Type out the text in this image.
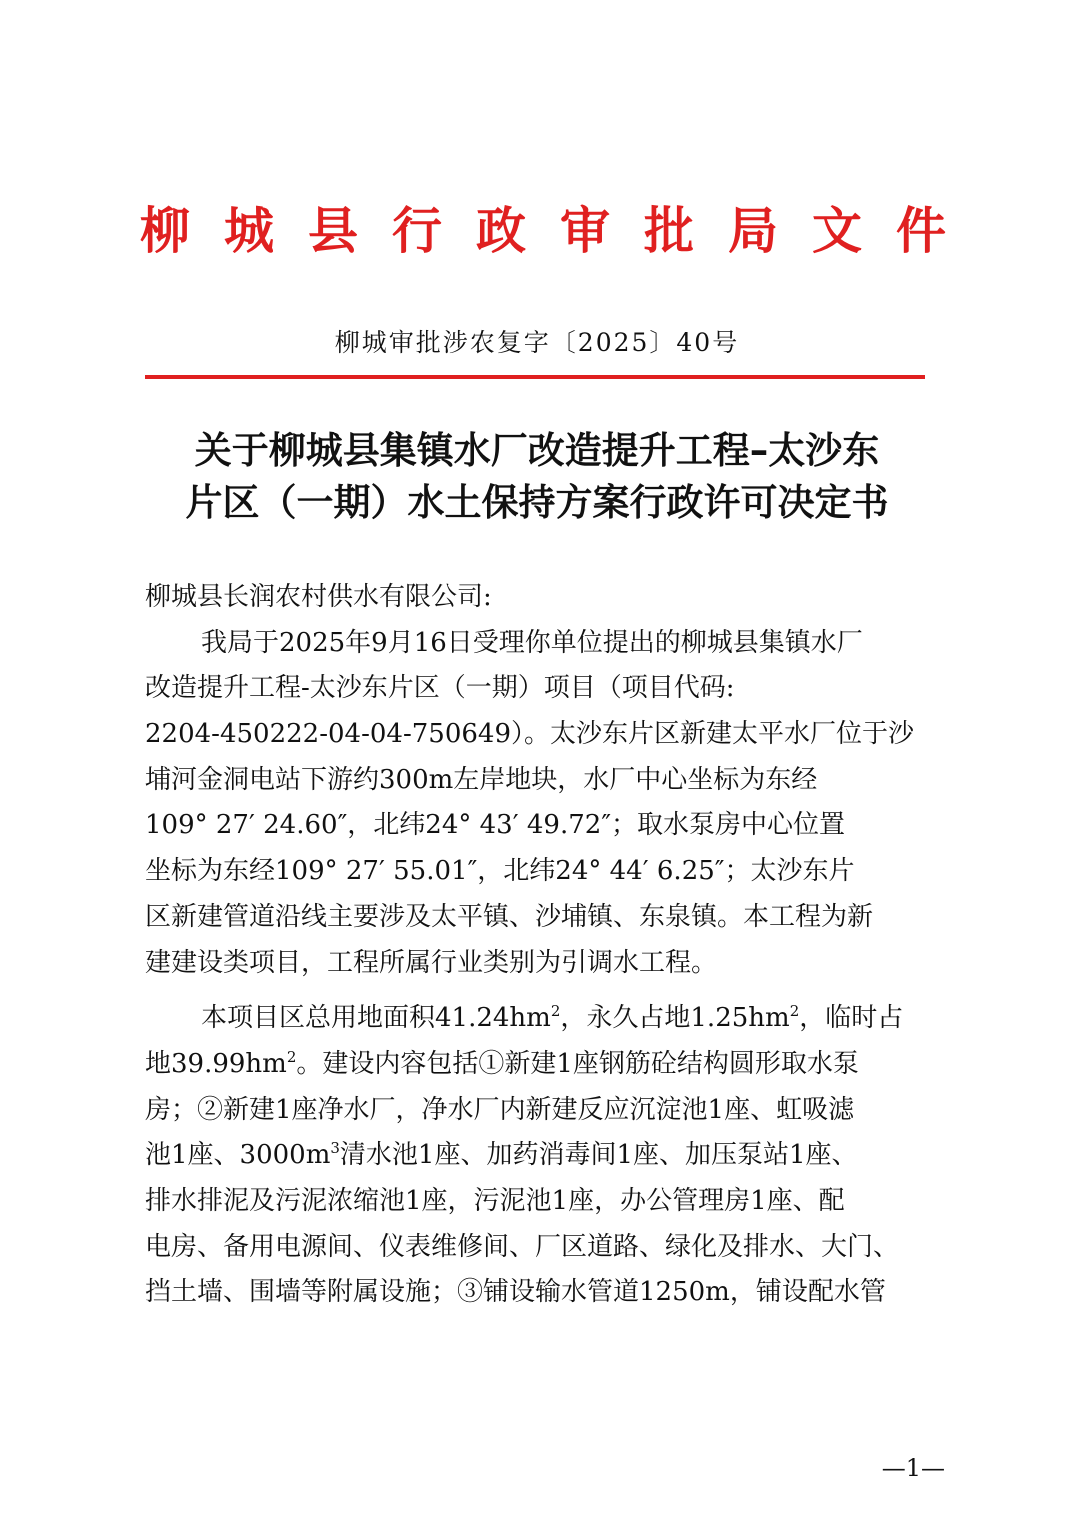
柳 城 县 行 政 审 批 局 文 件
柳城审批涉农复字〔2025〕40号
关于柳城县集镇水厂改造提升工程–太沙东
片区（一期）水土保持方案行政许可决定书
柳城县长润农村供水有限公司:
我局于2025年9月16日受理你单位提出的柳城县集镇水厂
改造提升工程-太沙东片区（一期）项目（项目代码:
2204-450222-04-04-750649）。太沙东片区新建太平水厂位于沙
埔河金洞电站下游约300m左岸地块，水厂中心坐标为东经
109° 27′ 24.60″，北纬24° 43′ 49.72″；取水泵房中心位置
坐标为东经109° 27′ 55.01″，北纬24° 44′ 6.25″；太沙东片
区新建管道沿线主要涉及太平镇、沙埔镇、东泉镇。本工程为新
建建设类项目，工程所属行业类别为引调水工程。
本项目区总用地面积$41.24hm^2$，永久占地$1.25hm^2$，临时占
地$39.99hm^2$。建设内容包括①新建1座钢筋砼结构圆形取水泵
房；②新建1座净水厂，净水厂内新建反应沉淀池1座、虹吸滤
池1座、$3000m^3$清水池1座、加药消毒间1座、加压泵站1座、
排水排泥及污泥浓缩池1座，污泥池1座，办公管理房1座、配
电房、备用电源间、仪表维修间、厂区道路、绿化及排水、大门、
挡土墙、围墙等附属设施；③铺设输水管道1250m，铺设配水管
—1—
